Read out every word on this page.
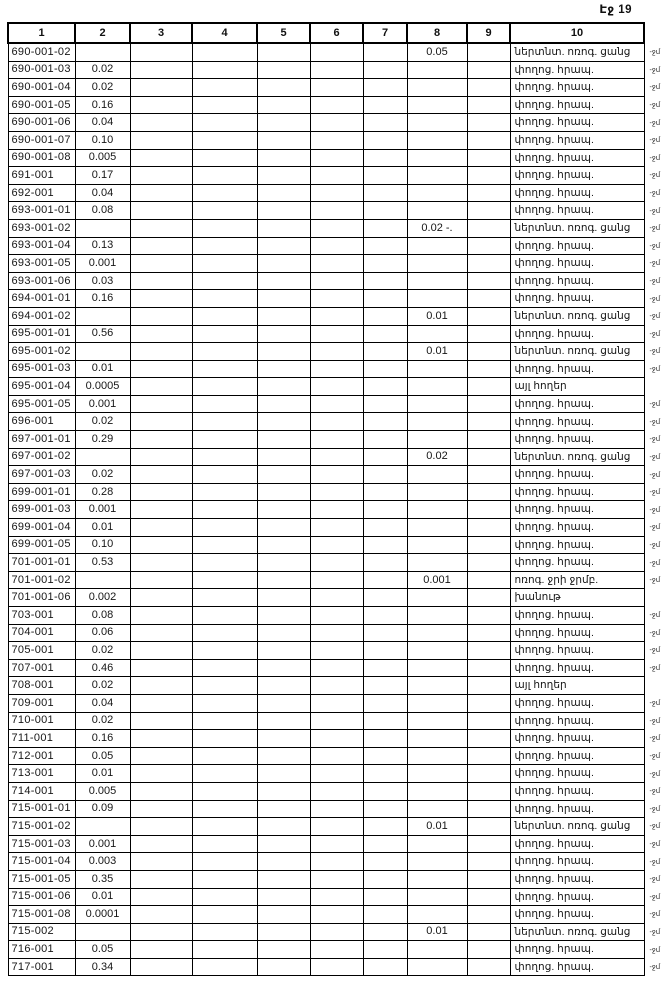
Էջ 19
1	2	3	4	5	6	7	8	9	10	
690-001-02							0.05		ներտնտ. ոռոգ. ցանց	-ջմ
690-001-03	0.02								փողոց. հրապ.	-ջմ
690-001-04	0.02								փողոց. հրապ.	-ջմ
690-001-05	0.16								փողոց. հրապ.	-ջմ
690-001-06	0.04								փողոց. հրապ.	-ջմ
690-001-07	0.10								փողոց. հրապ.	-ջմ
690-001-08	0.005								փողոց. հրապ.	-ջմ
691-001	0.17								փողոց. հրապ.	-ջմ
692-001	0.04								փողոց. հրապ.	-ջմ
693-001-01	0.08								փողոց. հրապ.	-ջմ
693-001-02							0.02 -.		ներտնտ. ոռոգ. ցանց	-ջմ
693-001-04	0.13								փողոց. հրապ.	-ջմ
693-001-05	0.001								փողոց. հրապ.	-ջմ
693-001-06	0.03								փողոց. հրապ.	-ջմ
694-001-01	0.16								փողոց. հրապ.	-ջմ
694-001-02							0.01		ներտնտ. ոռոգ. ցանց	-ջմ
695-001-01	0.56								փողոց. հրապ.	-ջմ
695-001-02							0.01		ներտնտ. ոռոգ. ցանց	-ջմ
695-001-03	0.01								փողոց. հրապ.	-ջմ
695-001-04	0.0005								այլ հողեր	
695-001-05	0.001								փողոց. հրապ.	-ջմ
696-001	0.02								փողոց. հրապ.	-ջմ
697-001-01	0.29								փողոց. հրապ.	-ջմ
697-001-02							0.02		ներտնտ. ոռոգ. ցանց	-ջմ
697-001-03	0.02								փողոց. հրապ.	-ջմ
699-001-01	0.28								փողոց. հրապ.	-ջմ
699-001-03	0.001								փողոց. հրապ.	-ջմ
699-001-04	0.01								փողոց. հրապ.	-ջմ
699-001-05	0.10								փողոց. հրապ.	-ջմ
701-001-01	0.53								փողոց. հրապ.	-ջմ
701-001-02							0.001		ոռոգ. ջրի ջրմբ.	-ջմ
701-001-06	0.002								խանութ	
703-001	0.08								փողոց. հրապ.	-ջմ
704-001	0.06								փողոց. հրապ.	-ջմ
705-001	0.02								փողոց. հրապ.	-ջմ
707-001	0.46								փողոց. հրապ.	-ջմ
708-001	0.02								այլ հողեր	
709-001	0.04								փողոց. հրապ.	-ջմ
710-001	0.02								փողոց. հրապ.	-ջմ
711-001	0.16								փողոց. հրապ.	-ջմ
712-001	0.05								փողոց. հրապ.	-ջմ
713-001	0.01								փողոց. հրապ.	-ջմ
714-001	0.005								փողոց. հրապ.	-ջմ
715-001-01	0.09								փողոց. հրապ.	-ջմ
715-001-02							0.01		ներտնտ. ոռոգ. ցանց	-ջմ
715-001-03	0.001								փողոց. հրապ.	-ջմ
715-001-04	0.003								փողոց. հրապ.	-ջմ
715-001-05	0.35								փողոց. հրապ.	-ջմ
715-001-06	0.01								փողոց. հրապ.	-ջմ
715-001-08	0.0001								փողոց. հրապ.	-ջմ
715-002							0.01		ներտնտ. ոռոգ. ցանց	-ջմ
716-001	0.05								փողոց. հրապ.	-ջմ
717-001	0.34								փողոց. հրապ.	-ջմ
